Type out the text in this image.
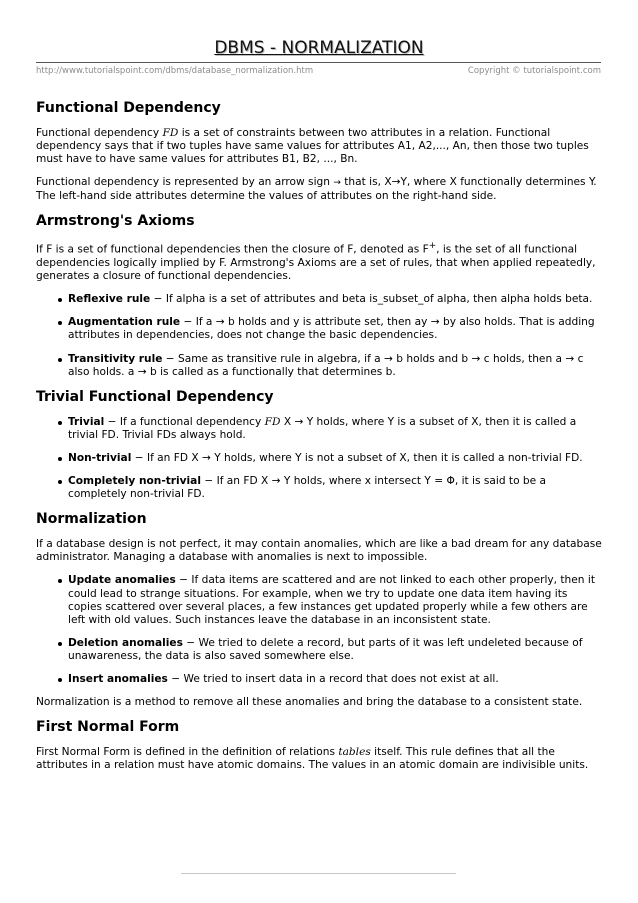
DBMS - NORMALIZATION
http://www.tutorialspoint.com/dbms/database_normalization.htm	Copyright © tutorialspoint.com
Functional Dependency

Functional dependency FD is a set of constraints between two attributes in a relation. Functional dependency says that if two tuples have same values for attributes A1, A2,..., An, then those two tuples must have to have same values for attributes B1, B2, ..., Bn.

Functional dependency is represented by an arrow sign → that is, X→Y, where X functionally determines Y. The left-hand side attributes determine the values of attributes on the right-hand side.

Armstrong's Axioms

If F is a set of functional dependencies then the closure of F, denoted as F+, is the set of all functional dependencies logically implied by F. Armstrong's Axioms are a set of rules, that when applied repeatedly, generates a closure of functional dependencies.

Reflexive rule − If alpha is a set of attributes and beta is_subset_of alpha, then alpha holds beta.
Augmentation rule − If a → b holds and y is attribute set, then ay → by also holds. That is adding attributes in dependencies, does not change the basic dependencies.
Transitivity rule − Same as transitive rule in algebra, if a → b holds and b → c holds, then a → c also holds. a → b is called as a functionally that determines b.
Trivial Functional Dependency
Trivial − If a functional dependency FD X → Y holds, where Y is a subset of X, then it is called a trivial FD. Trivial FDs always hold.
Non-trivial − If an FD X → Y holds, where Y is not a subset of X, then it is called a non-trivial FD.
Completely non-trivial − If an FD X → Y holds, where x intersect Y = Φ, it is said to be a completely non-trivial FD.
Normalization

If a database design is not perfect, it may contain anomalies, which are like a bad dream for any database administrator. Managing a database with anomalies is next to impossible.

Update anomalies − If data items are scattered and are not linked to each other properly, then it could lead to strange situations. For example, when we try to update one data item having its copies scattered over several places, a few instances get updated properly while a few others are left with old values. Such instances leave the database in an inconsistent state.
Deletion anomalies − We tried to delete a record, but parts of it was left undeleted because of unawareness, the data is also saved somewhere else.
Insert anomalies − We tried to insert data in a record that does not exist at all.

Normalization is a method to remove all these anomalies and bring the database to a consistent state.

First Normal Form

First Normal Form is defined in the definition of relations tables itself. This rule defines that all the attributes in a relation must have atomic domains. The values in an atomic domain are indivisible units.
